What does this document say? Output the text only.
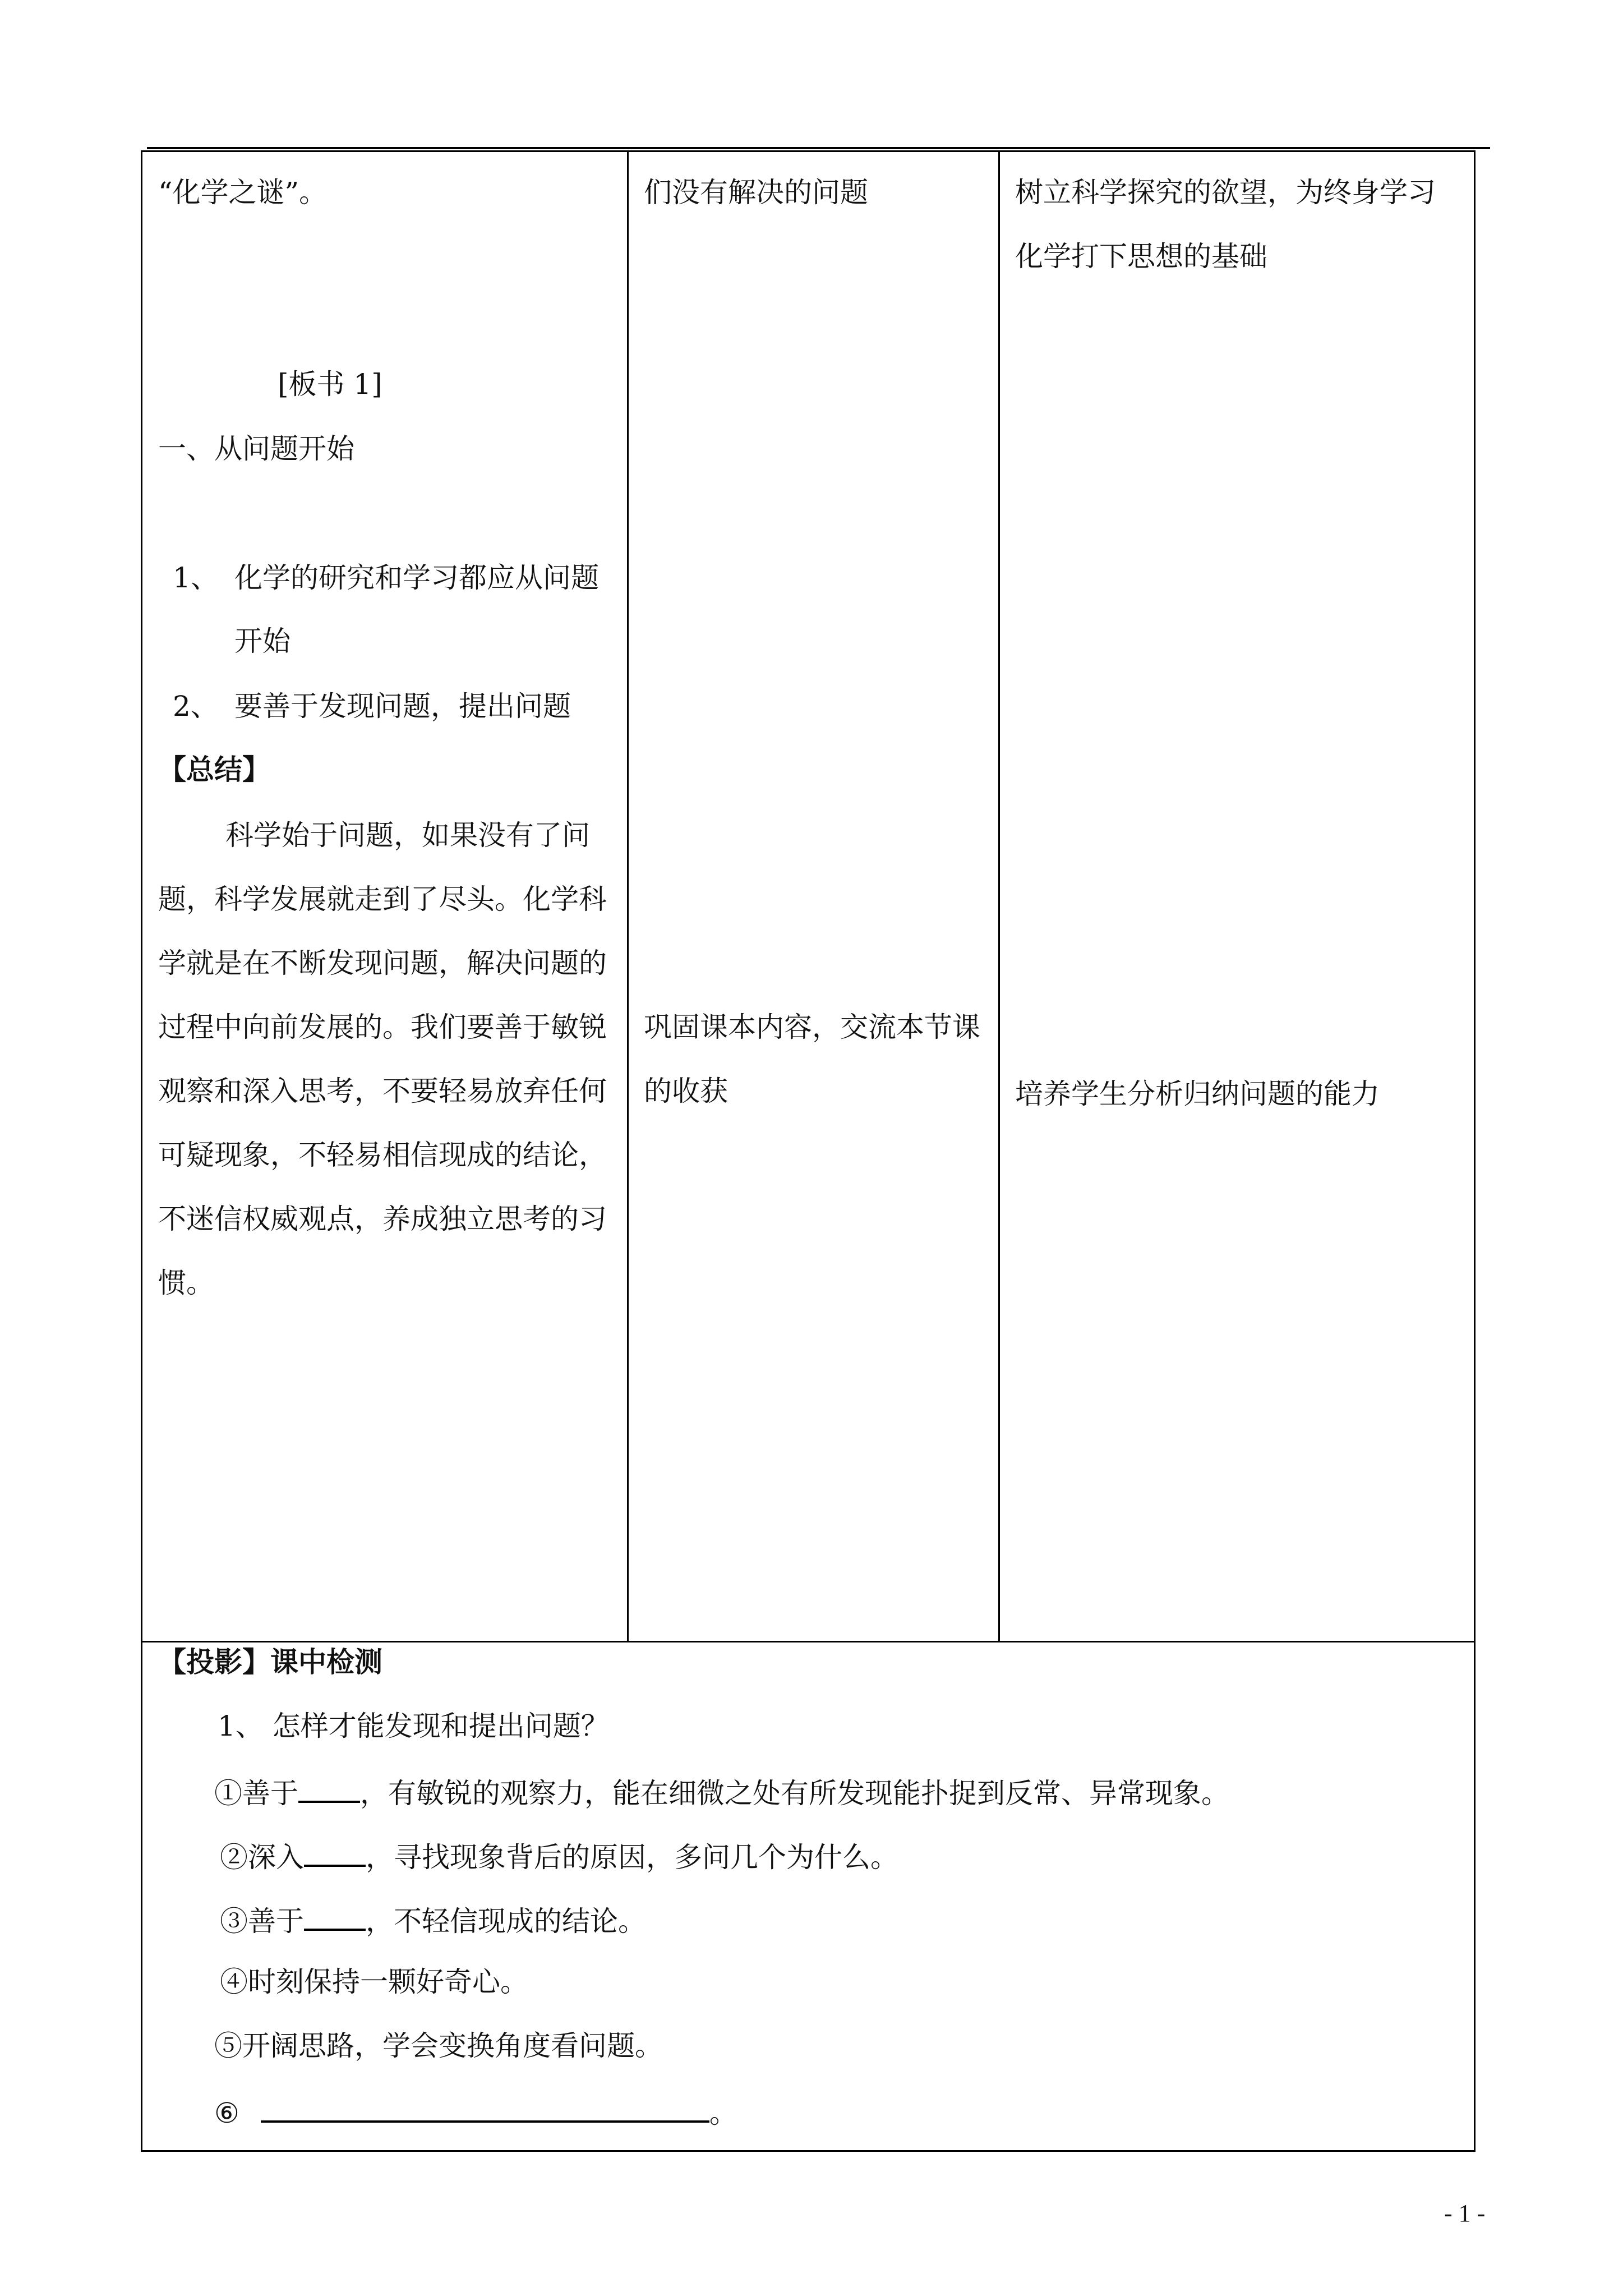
“化学之谜”。
[板书 1]
一、从问题开始
1、 化学的研究和学习都应从问题
开始
2、 要善于发现问题，提出问题
【总结】
科学始于问题，如果没有了问
题，科学发展就走到了尽头。化学科
学就是在不断发现问题，解决问题的
过程中向前发展的。我们要善于敏锐
观察和深入思考，不要轻易放弃任何
可疑现象，不轻易相信现成的结论，
不迷信权威观点，养成独立思考的习
惯。
们没有解决的问题
巩固课本内容，交流本节课
的收获
树立科学探究的欲望，为终身学习
化学打下思想的基础
培养学生分析归纳问题的能力
【投影】课中检测
1、 怎样才能发现和提出问题？
①善于 ，有敏锐的观察力，能在细微之处有所发现能扑捉到反常、异常现象。
②深入 ，寻找现象背后的原因，多问几个为什么。
③善于 ，不轻信现成的结论。
④时刻保持一颗好奇心。
⑤开阔思路，学会变换角度看问题。
⑥	。
- 1 -
